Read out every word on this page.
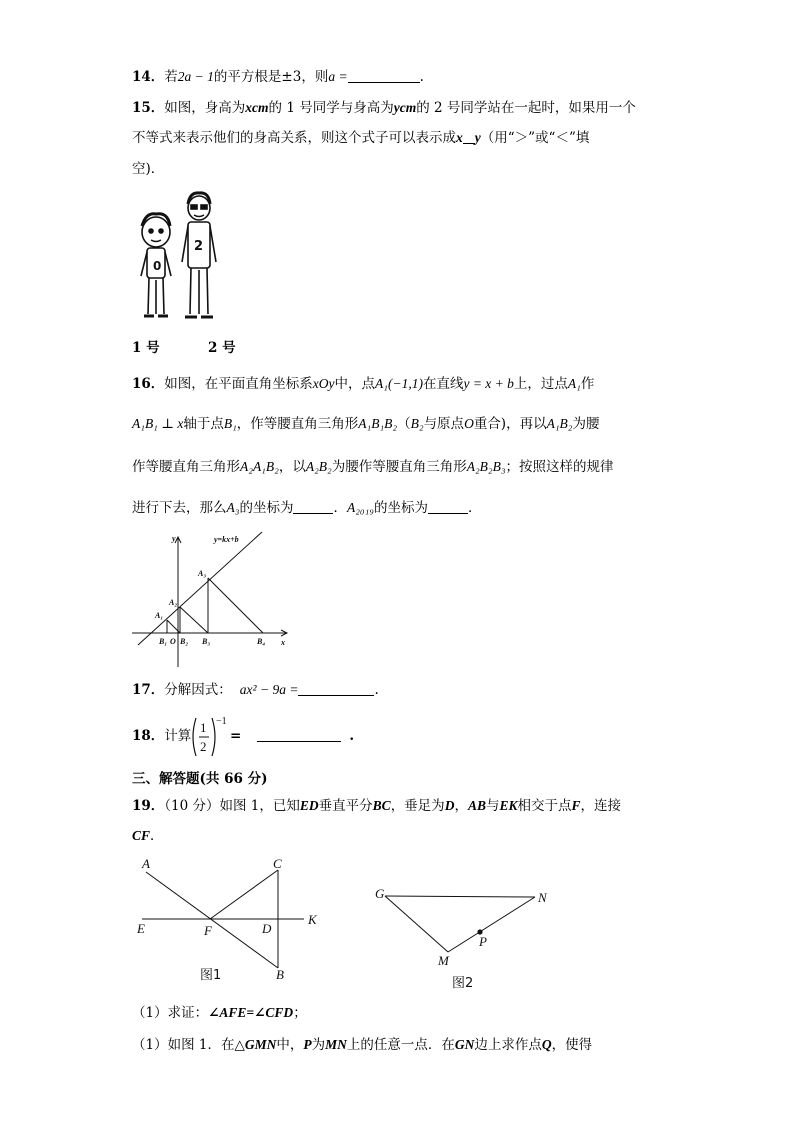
14．若2a − 1的平方根是±3，则a =	.
15．如图，身高为xcm的 1 号同学与身高为ycm的 2 号同学站在一起时，如果用一个
不等式来表示他们的身高关系，则这个式子可以表示成x y（用“＞”或“＜”填
空)．
0
2
1 号	2 号
16．如图，在平面直角坐标系xOy中，点A₁(−1,1)在直线y = x + b上，过点A₁作
A₁B₁ ⊥ x轴于点B₁，作等腰直角三角形A₁B₁B₂（B₂与原点O重合)，再以A₁B₂为腰
作等腰直角三角形A₂A₁B₂，以A₂B₂为腰作等腰直角三角形A₂B₂B₃；按照这样的规律
进行下去，那么A₃的坐标为	．A₂₀₁₉的坐标为	．
y
x
y=kx+b
A₁
A₂
A₃
B₁ O B₂ B₃	B₄
17．分解因式： ax² − 9a =	.
18．计算
1
2
−1
=	.
三、解答题(共 66 分)
19．（10 分）如图 1，已知ED垂直平分BC，垂足为D，AB与EK相交于点F，连接
CF．
A	C
E	F	D
K
B
图1
G	N
P
M
图2
（1）求证：∠AFE=∠CFD；
（1）如图 1．在△GMN中，P为MN上的任意一点．在GN边上求作点Q，使得
